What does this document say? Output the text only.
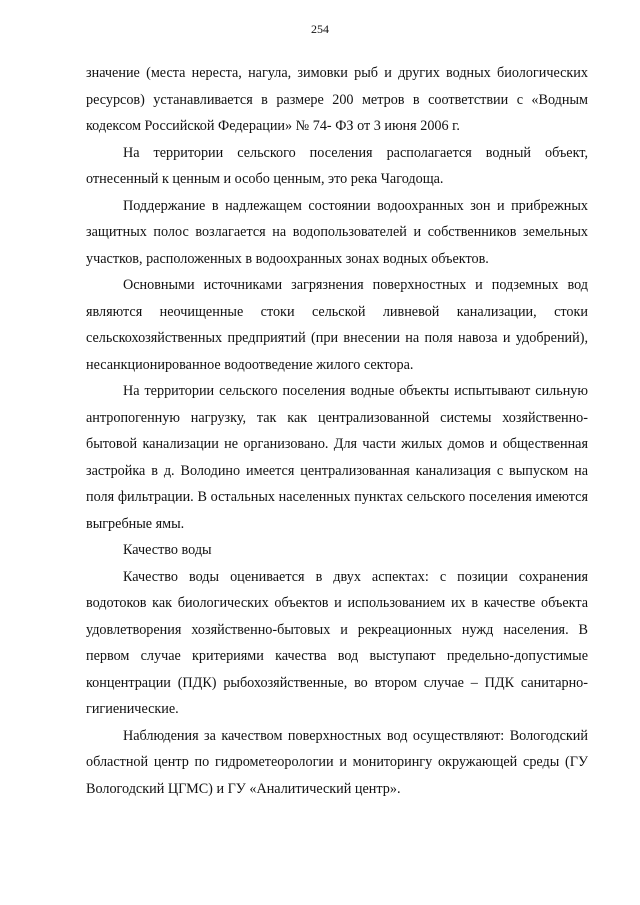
254

значение (места нереста, нагула, зимовки рыб и других водных биологических ресурсов) устанавливается в размере 200 метров в соответствии с «Водным кодексом Российской Федерации» № 74- ФЗ от 3 июня 2006 г.

На территории сельского поселения располагается водный объект, отнесенный к ценным и особо ценным, это река Чагодоща.

Поддержание в надлежащем состоянии водоохранных зон и прибрежных защитных полос возлагается на водопользователей и собственников земельных участков, расположенных в водоохранных зонах водных объектов.

Основными источниками загрязнения поверхностных и подземных вод являются неочищенные стоки сельской ливневой канализации, стоки сельскохозяйственных предприятий (при внесении на поля навоза и удобрений), несанкционированное водоотведение жилого сектора.

На территории сельского поселения водные объекты испытывают сильную антропогенную нагрузку, так как централизованной системы хозяйственно-бытовой канализации не организовано. Для части жилых домов и общественная застройка в д. Володино имеется централизованная канализация с выпуском на поля фильтрации. В остальных населенных пунктах сельского поселения имеются выгребные ямы.

Качество воды

Качество воды оценивается в двух аспектах: с позиции сохранения водотоков как биологических объектов и использованием их в качестве объекта удовлетворения хозяйственно-бытовых и рекреационных нужд населения. В первом случае критериями качества вод выступают предельно-допустимые концентрации (ПДК) рыбохозяйственные, во втором случае – ПДК санитарно-гигиенические.

Наблюдения за качеством поверхностных вод осуществляют: Вологодский областной центр по гидрометеорологии и мониторингу окружающей среды (ГУ Вологодский ЦГМС) и ГУ «Аналитический центр».
